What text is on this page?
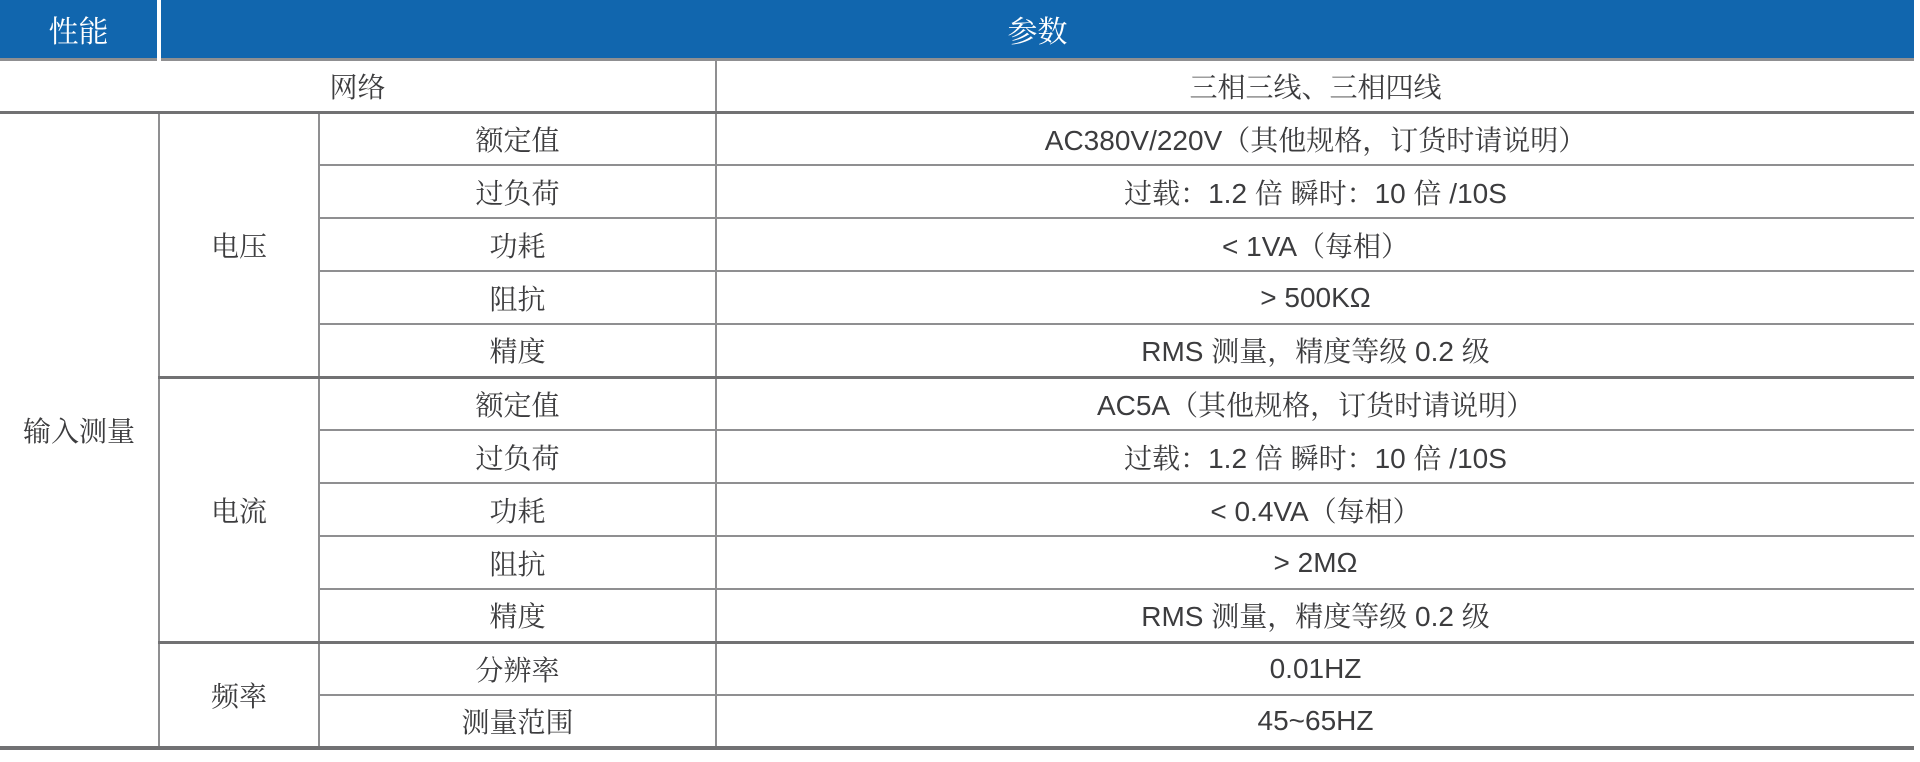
性能	参数		
网络			三相三线、三相四线
输入测量	电压	额定值	AC380V/220V（其他规格，订货时请说明）
		过负荷	过载：1.2 倍 瞬时：10 倍 /10S
		功耗	< 1VA（每相）
		阻抗	> 500KΩ
		精度	RMS 测量，精度等级 0.2 级
	电流	额定值	AC5A（其他规格，订货时请说明）
		过负荷	过载：1.2 倍 瞬时：10 倍 /10S
		功耗	< 0.4VA（每相）
		阻抗	> 2MΩ
		精度	RMS 测量，精度等级 0.2 级
	频率	分辨率	0.01HZ
		测量范围	45~65HZ
